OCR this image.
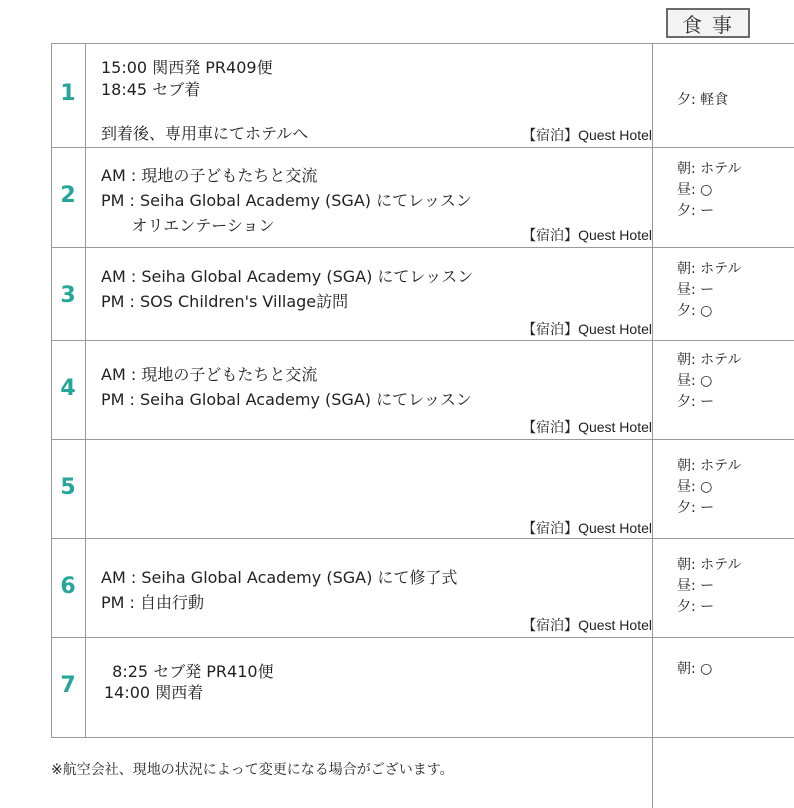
食事
1
15:00 関西発 PR409便
18:45 セブ着
到着後、専用車にてホテルへ	【宿泊】Quest Hotel
夕: 軽食
2
AM : 現地の子どもたちと交流
PM : Seiha Global Academy (SGA) にてレッスン
オリエンテーション
【宿泊】Quest Hotel
朝: ホテル
昼: ○
夕: ー
3
AM : Seiha Global Academy (SGA) にてレッスン
PM : SOS Children's Village訪問
【宿泊】Quest Hotel
朝: ホテル
昼: ー
夕: ○
4
AM : 現地の子どもたちと交流
PM : Seiha Global Academy (SGA) にてレッスン
【宿泊】Quest Hotel
朝: ホテル
昼: ○
夕: ー
5
【宿泊】Quest Hotel
朝: ホテル
昼: ○
夕: ー
6	AM : Seiha Global Academy (SGA) にて修了式
PM : 自由行動
【宿泊】Quest Hotel
朝: ホテル
昼: ー
夕: ー
7
8:25 セブ発 PR410便
14:00 関西着
朝: ○
※航空会社、現地の状況によって変更になる場合がございます。
